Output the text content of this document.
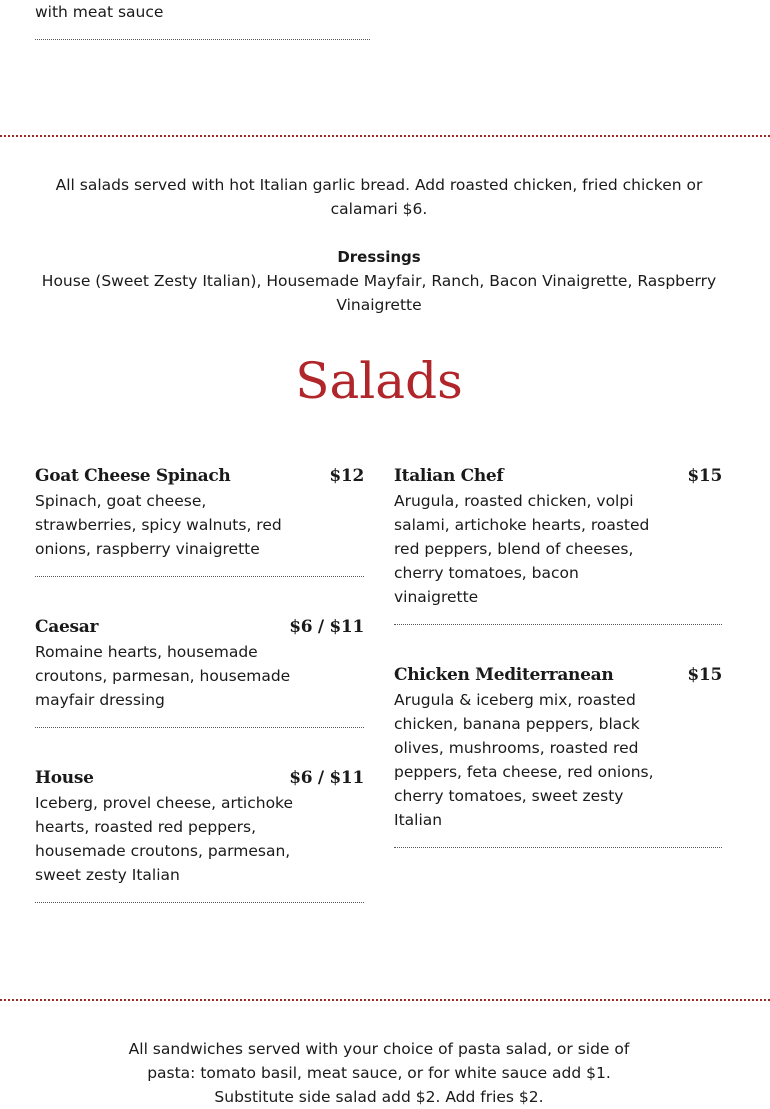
with meat sauce
All salads served with hot Italian garlic bread. Add roasted chicken, fried chicken or calamari $6.
Dressings
House (Sweet Zesty Italian), Housemade Mayfair, Ranch, Bacon Vinaigrette, Raspberry Vinaigrette
Salads
Goat Cheese Spinach	$12
Spinach, goat cheese, strawberries, spicy walnuts, red onions, raspberry vinaigrette
Caesar	$6 / $11
Romaine hearts, housemade croutons, parmesan, housemade mayfair dressing
House	$6 / $11
Iceberg, provel cheese, artichoke hearts, roasted red peppers, housemade croutons, parmesan, sweet zesty Italian
Italian Chef	$15
Arugula, roasted chicken, volpi salami, artichoke hearts, roasted red peppers, blend of cheeses, cherry tomatoes, bacon vinaigrette
Chicken Mediterranean	$15
Arugula & iceberg mix, roasted chicken, banana peppers, black olives, mushrooms, roasted red peppers, feta cheese, red onions, cherry tomatoes, sweet zesty Italian
All sandwiches served with your choice of pasta salad, or side of pasta: tomato basil, meat sauce, or for white sauce add $1. Substitute side salad add $2. Add fries $2.
